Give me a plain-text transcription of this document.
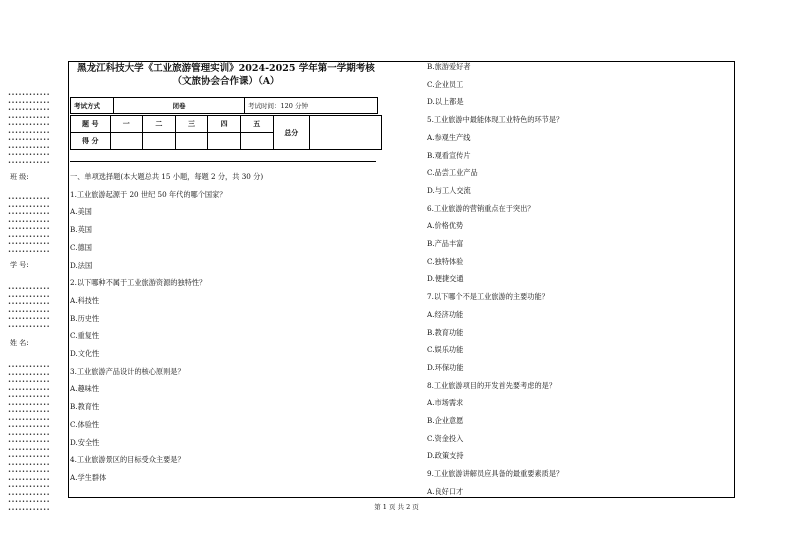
••••••••••••
••••••••••••
••••••••••••
••••••••••••
••••••••••••
••••••••••••
••••••••••••
••••••••••••
••••••••••••
••••••••••••
班 级:
••••••••••••
••••••••••••
••••••••••••
••••••••••••
••••••••••••
••••••••••••
••••••••••••
••••••••••••
学 号:
••••••••••••
••••••••••••
••••••••••••
••••••••••••
••••••••••••
••••••••••••
姓 名:
••••••••••••
••••••••••••
••••••••••••
••••••••••••
••••••••••••
••••••••••••
••••••••••••
••••••••••••
••••••••••••
••••••••••••
••••••••••••
••••••••••••
••••••••••••
••••••••••••
••••••••••••
••••••••••••
••••••••••••
••••••••••••
••••••••••••
••••••••••••
黑龙江科技大学《工业旅游管理实训》2024-2025 学年第一学期考核
（文旅协会合作课）（A）
考试方式	闭卷	考试时间：120 分钟
题 号	一	二	三	四	五	总分	
得 分							
一、单项选择题(本大题总共 15 小题，每题 2 分，共 30 分)
1.工业旅游起源于 20 世纪 50 年代的哪个国家？
A.美国
B.英国
C.德国
D.法国
2.以下哪种不属于工业旅游资源的独特性？
A.科技性
B.历史性
C.重复性
D.文化性
3.工业旅游产品设计的核心原则是？
A.趣味性
B.教育性
C.体验性
D.安全性
4.工业旅游景区的目标受众主要是？
A.学生群体
B.旅游爱好者
C.企业员工
D.以上都是
5.工业旅游中最能体现工业特色的环节是？
A.参观生产线
B.观看宣传片
C.品尝工业产品
D.与工人交流
6.工业旅游的营销重点在于突出？
A.价格优势
B.产品丰富
C.独特体验
D.便捷交通
7.以下哪个不是工业旅游的主要功能？
A.经济功能
B.教育功能
C.娱乐功能
D.环保功能
8.工业旅游项目的开发首先要考虑的是？
A.市场需求
B.企业意愿
C.资金投入
D.政策支持
9.工业旅游讲解员应具备的最重要素质是？
A.良好口才
第 1 页 共 2 页
